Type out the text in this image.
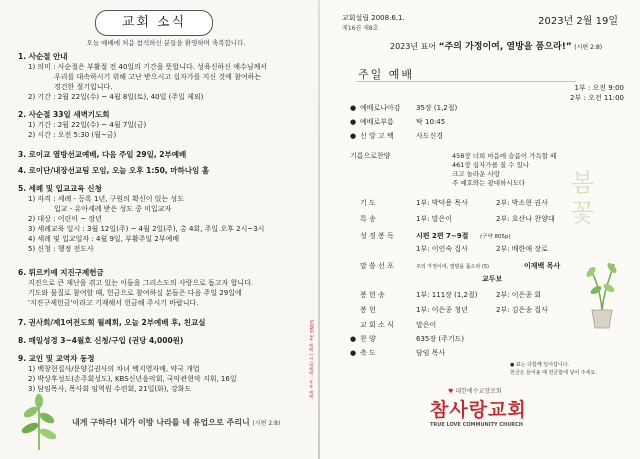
교회 소식
오늘 예배에 처음 참석하신 분들을 환영하며 축복합니다.
1. 사순절 안내
1) 의미 : 사순절은 부활절 전 40일의 기간을 뜻합니다. 성육신하신 예수님께서
우리를 대속하시기 위해 고난 받으시고 십자가를 지신 것에 참여하는
경건한 절기입니다.
2) 기간 : 2월 22일(수) ~ 4월 8일(토), 40일 (주일 제외)
2. 사순절 33일 새벽기도회
1) 기간 : 2월 22일(수) ~ 4월 7일(금)
2) 시간 : 오전 5:30 (월~금)
3. 로이교 열방선교예배, 다음 주일 29일, 2부예배
4. 로이단/내장선교팀 모임, 오늘 오후 1:50, 마하나임 홀
5. 세례 및 입교교육 신청
1) 자격 : 세례 - 등록 1년, 구원의 확신이 있는 성도
입교 - 유아세례 받은 성도 중 미입교자
2) 대상 : 어린이 ~ 장년
3) 세례교육 일시 : 3월 12일(주) ~ 4월 2일(주), 총 4회, 주일 오후 2시~3시
4) 세례 및 입교일자 : 4월 9일, 부활주일 2부예배
5) 신청 : 행정 전도사
6. 튀르키예 지진구제헌금
지진으로 큰 재난을 겪고 있는 이들을 그리스도의 사랑으로 돕고자 합니다.
기도와 물질로 참여할 때, 헌금으로 참여하실 분들은 다음 주일 29일에
'지진구제헌금'이라고 기재해서 헌금해 주시기 바랍니다.
7. 권사회/제1여전도회 월례회, 오늘 2부예배 후, 친교실
8. 매일성경 3~4월호 신청/구입 (권당 4,000원)
9. 교인 및 교역자 동정
1) 백창현집사/문양길권사의 차녀 백지영자매, 약국 개업
2) 박상후성도(손주회성도), KBS신년음악회, 국악관현악 지휘, 16일
3) 담임목사, 목사회 임역원 수련회, 21일(화), 강화도
내게 구하라! 내가 이방 나라를 네 유업으로 주리니 (시편 2:8)
SONG 3부 예배 | 시·대예배 : 부부 예배
교회설립 2008.6.1.
제16권 제8호
2023년 2월 19일
2023년 표어 “주의 가정이여, 열방을 품으라!” (시편 2:8)
주일 예배
1부 : 오전 9:00
2부 : 오전 11:00
● 예배로나아감 35장 (1,2절)
● 예배로부름	탁 10:45
● 신 앙 고 백	사도신경
기름으로찬양	458장 너희 마음에 슬픔이 가득할 때
461장 십자가를 질 수 있나
크고 놀라운 사랑
주 예호와는 광대하시도다
기 도	1부: 박덕용 목사	2부: 박소현 권사
특 송	1부: 말은이	2부: 호산나 찬양대
성 경 봉 독	시편 2편 7~9절 (구약 805p)
1부: 이인숙 집사	2부: 배한애 장로
말 씀 선 포	주의 가정이여, 열방을 품으라 (5)	이재백 목사
교두보
봉 헌 송	1부: 111장 (1,2절)	2부: 이은종 회
봉 헌	1부: 이은종 청년	2부: 김은송 집사
교 회 소 식	말은이
● 찬 양	635장 (주기도)
● 축 도	담임 목사
● 표는 다함께 일어섭니다.
헌금은 들어올 때 헌금함에 넣어 주세요.
봄꽃
♥ 대한예수교장로회
참사랑교회
TRUE LOVE COMMUNITY CHURCH
